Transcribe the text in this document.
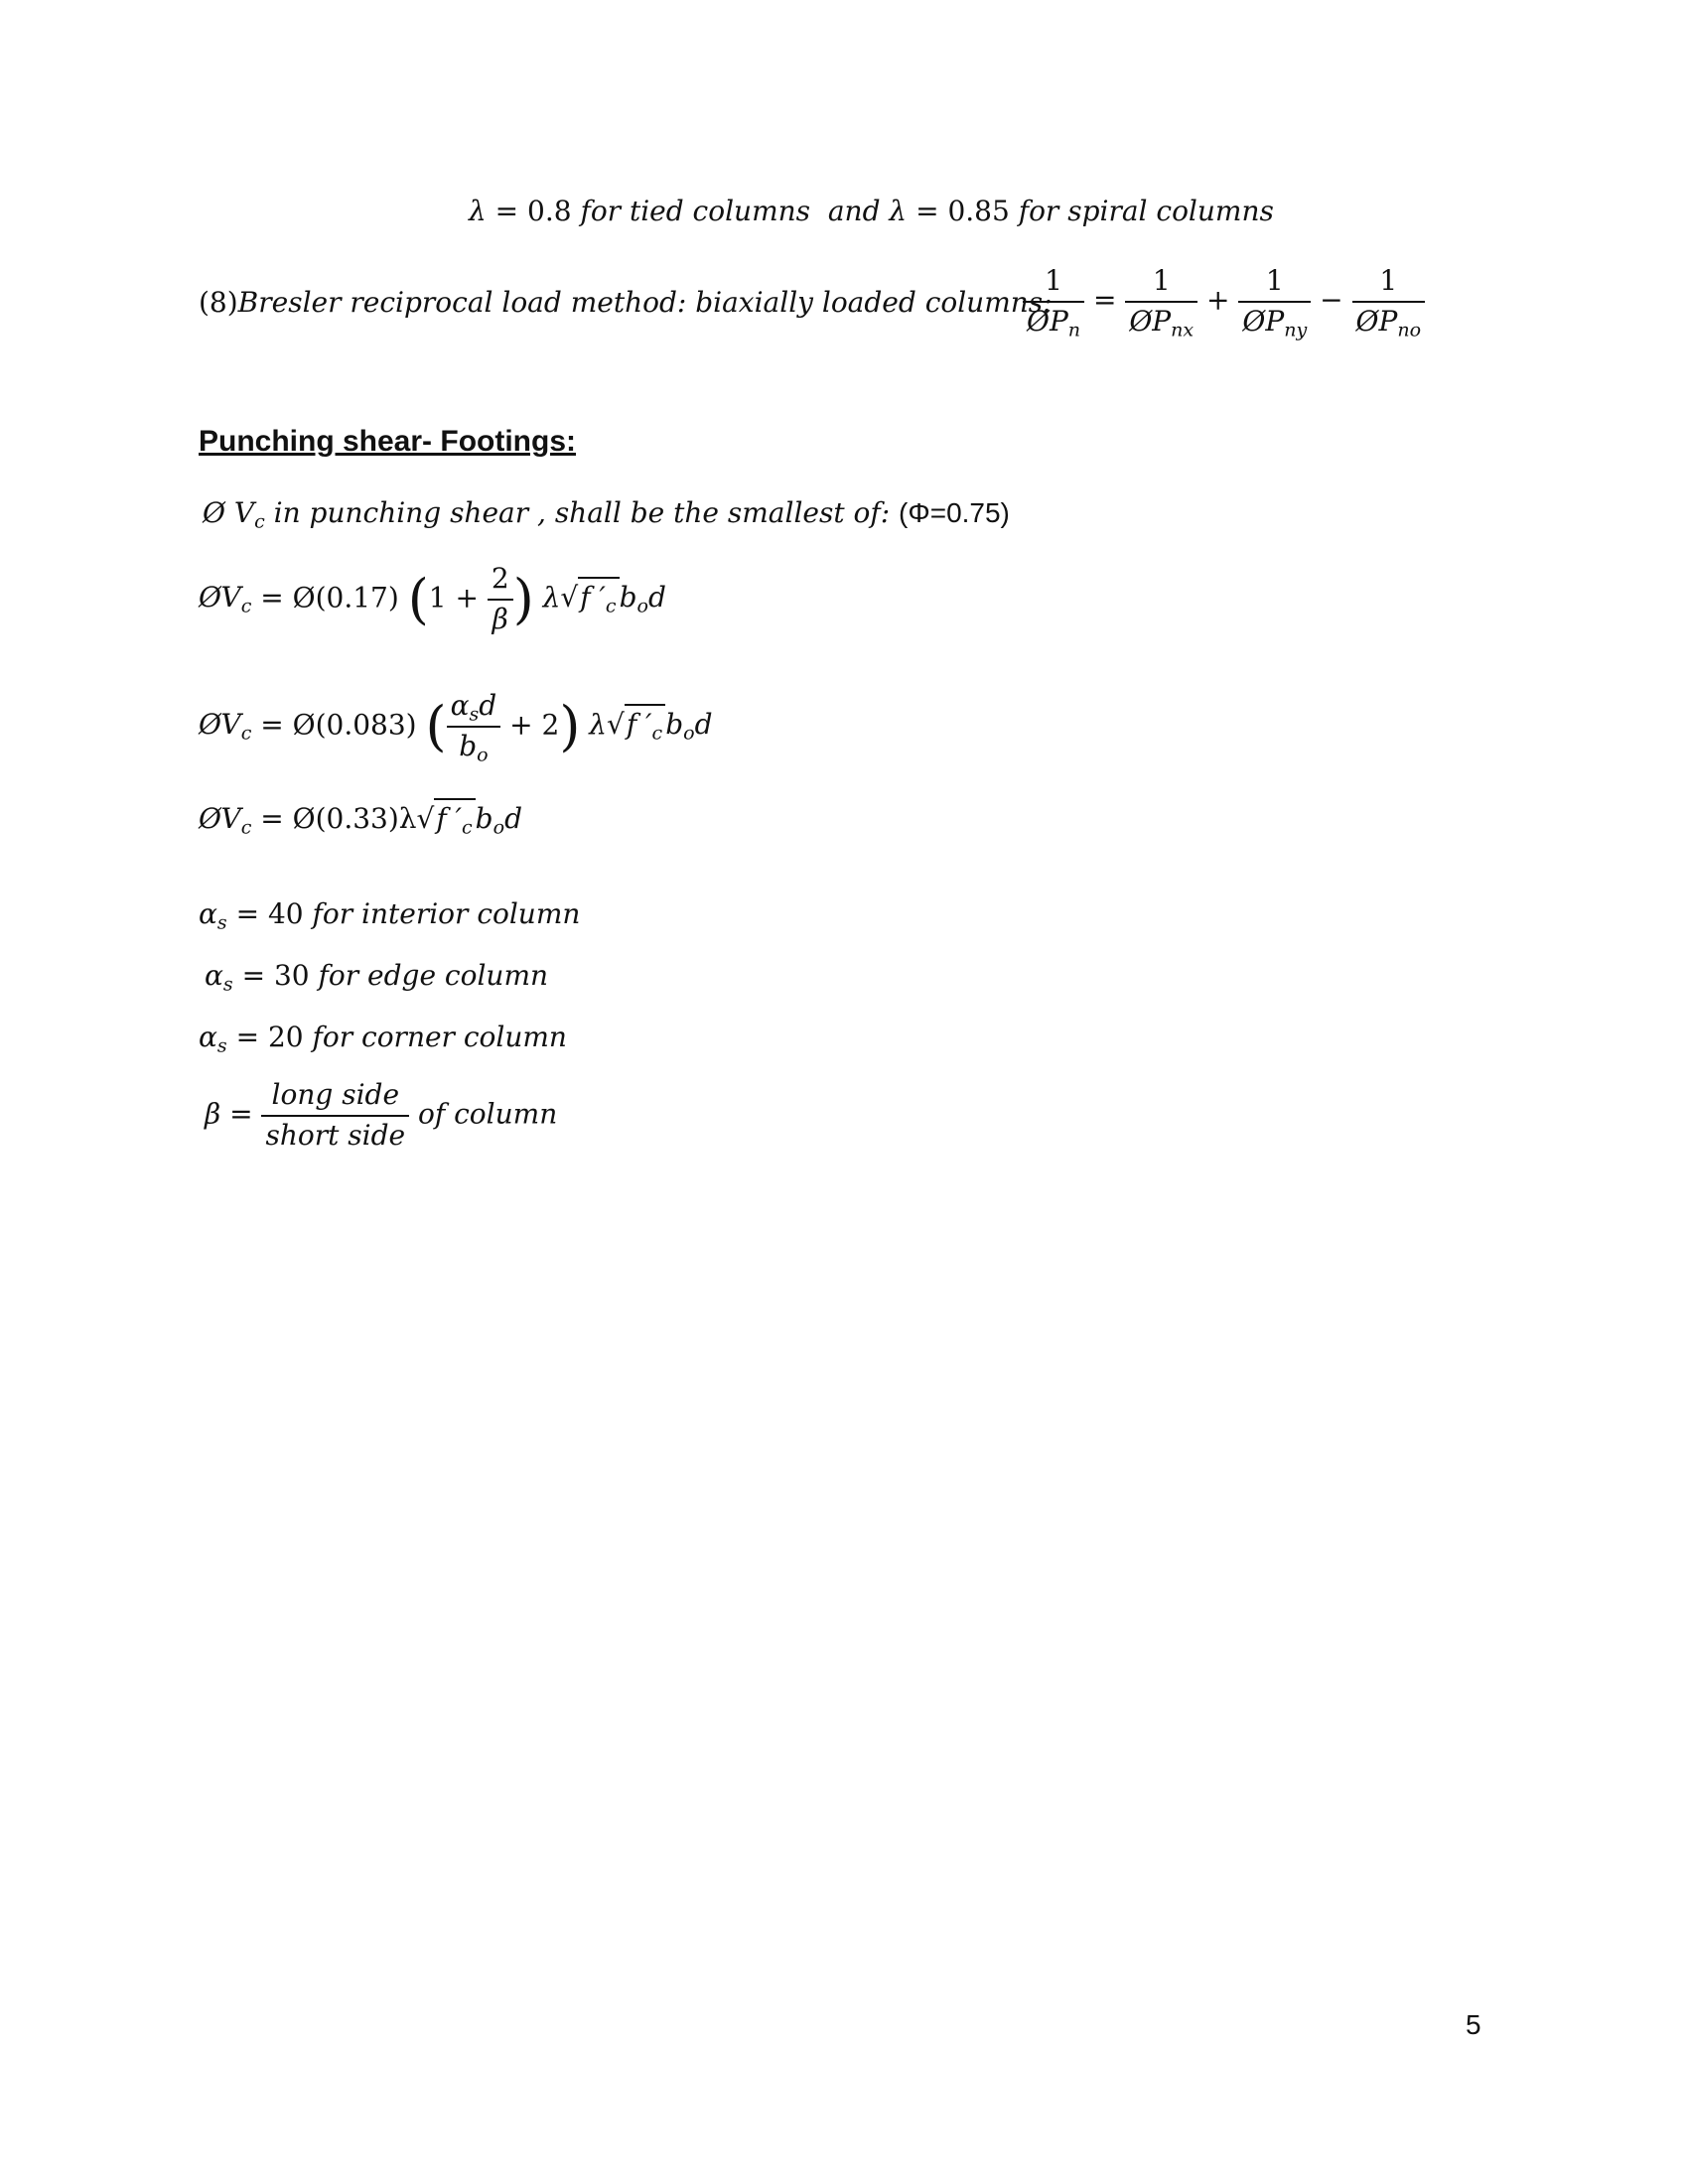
λ = 0.8 for tied columns and λ = 0.85 for spiral columns
(8)Bresler reciprocal load method: biaxially loaded columns:
$\frac{1}{ØP_n} = \frac{1}{ØP_{nx}} + \frac{1}{ØP_{ny}} - \frac{1}{ØP_{no}}$
Punching shear- Footings:
Ø $V_c$ in punching shear , shall be the smallest of: (Φ=0.75)
$ØV_c$ = Ø(0.17) ($1 + \frac{2}{\beta}$ ) λ√f $'_c$ $b_od$
$ØV_c$ = Ø(0.083) ( $\frac{\alpha_sd}{b_o} + 2$) λ√f $'_c$ $b_od$
$ØV_c$ = Ø(0.33)λ√f $'_c$ $b_od$
$\alpha_s = 40$ for interior column
$\alpha_s = 30$ for edge column
$\alpha_s = 20$ for corner column
$\beta = \frac{\text{long side}}{\text{short side}}$ of column
5
